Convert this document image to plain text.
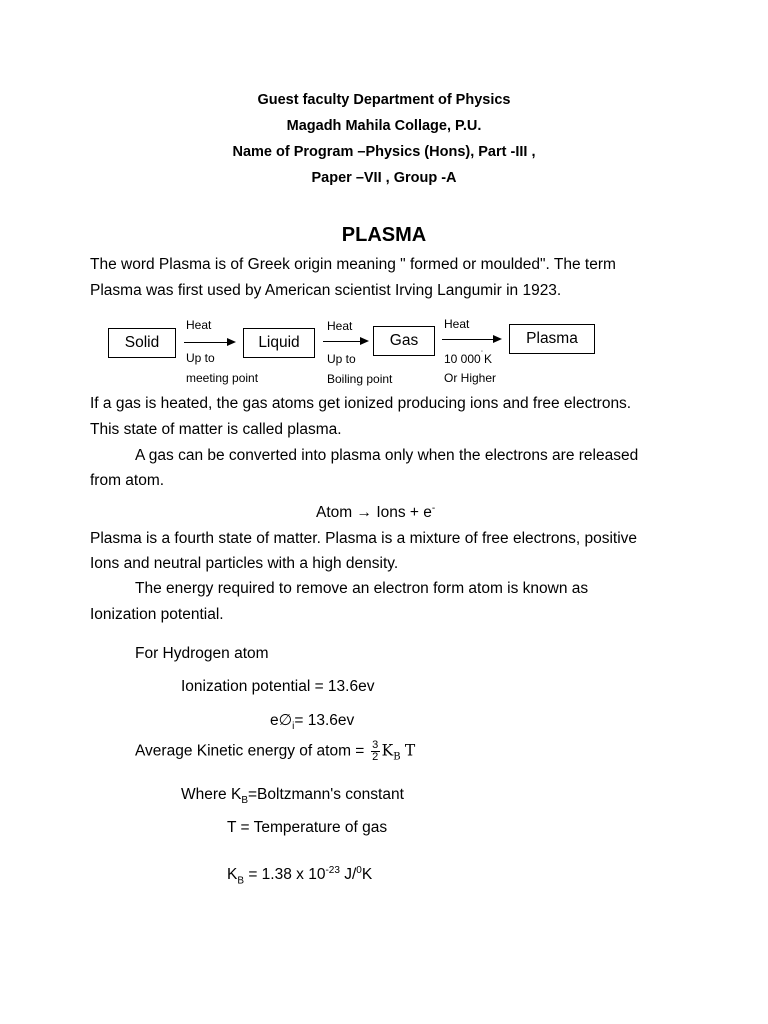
Guest faculty Department of Physics
Magadh Mahila Collage, P.U.
Name of Program –Physics (Hons), Part -III ,
Paper –VII , Group -A
PLASMA
The word Plasma is of Greek origin meaning " formed or moulded". The term
Plasma was first used by American scientist Irving Langumir in 1923.
Solid	Liquid	Gas	Plasma
Heat
Up to
meeting point
Heat
Up to
Boiling point
Heat
10 000˙K
Or Higher
If a gas is heated, the gas atoms get ionized producing ions and free electrons.
This state of matter is called plasma.
A gas can be converted into plasma only when the electrons are released
from atom.
Atom → Ions + e-
Plasma is a fourth state of matter. Plasma is a mixture of free electrons, positive
Ions and neutral particles with a high density.
The energy required to remove an electron form atom is known as
Ionization potential.
For Hydrogen atom
Ionization potential = 13.6ev
$e\emptyset_i= 13.6ev$
Average Kinetic energy of atom = $\frac{3}{2} K_B$ T
Where $K_B=Boltzmann's$ constant
T = Temperature of gas
$K_B = 1.38$ x $10^{-23}$ J/$^0$K
